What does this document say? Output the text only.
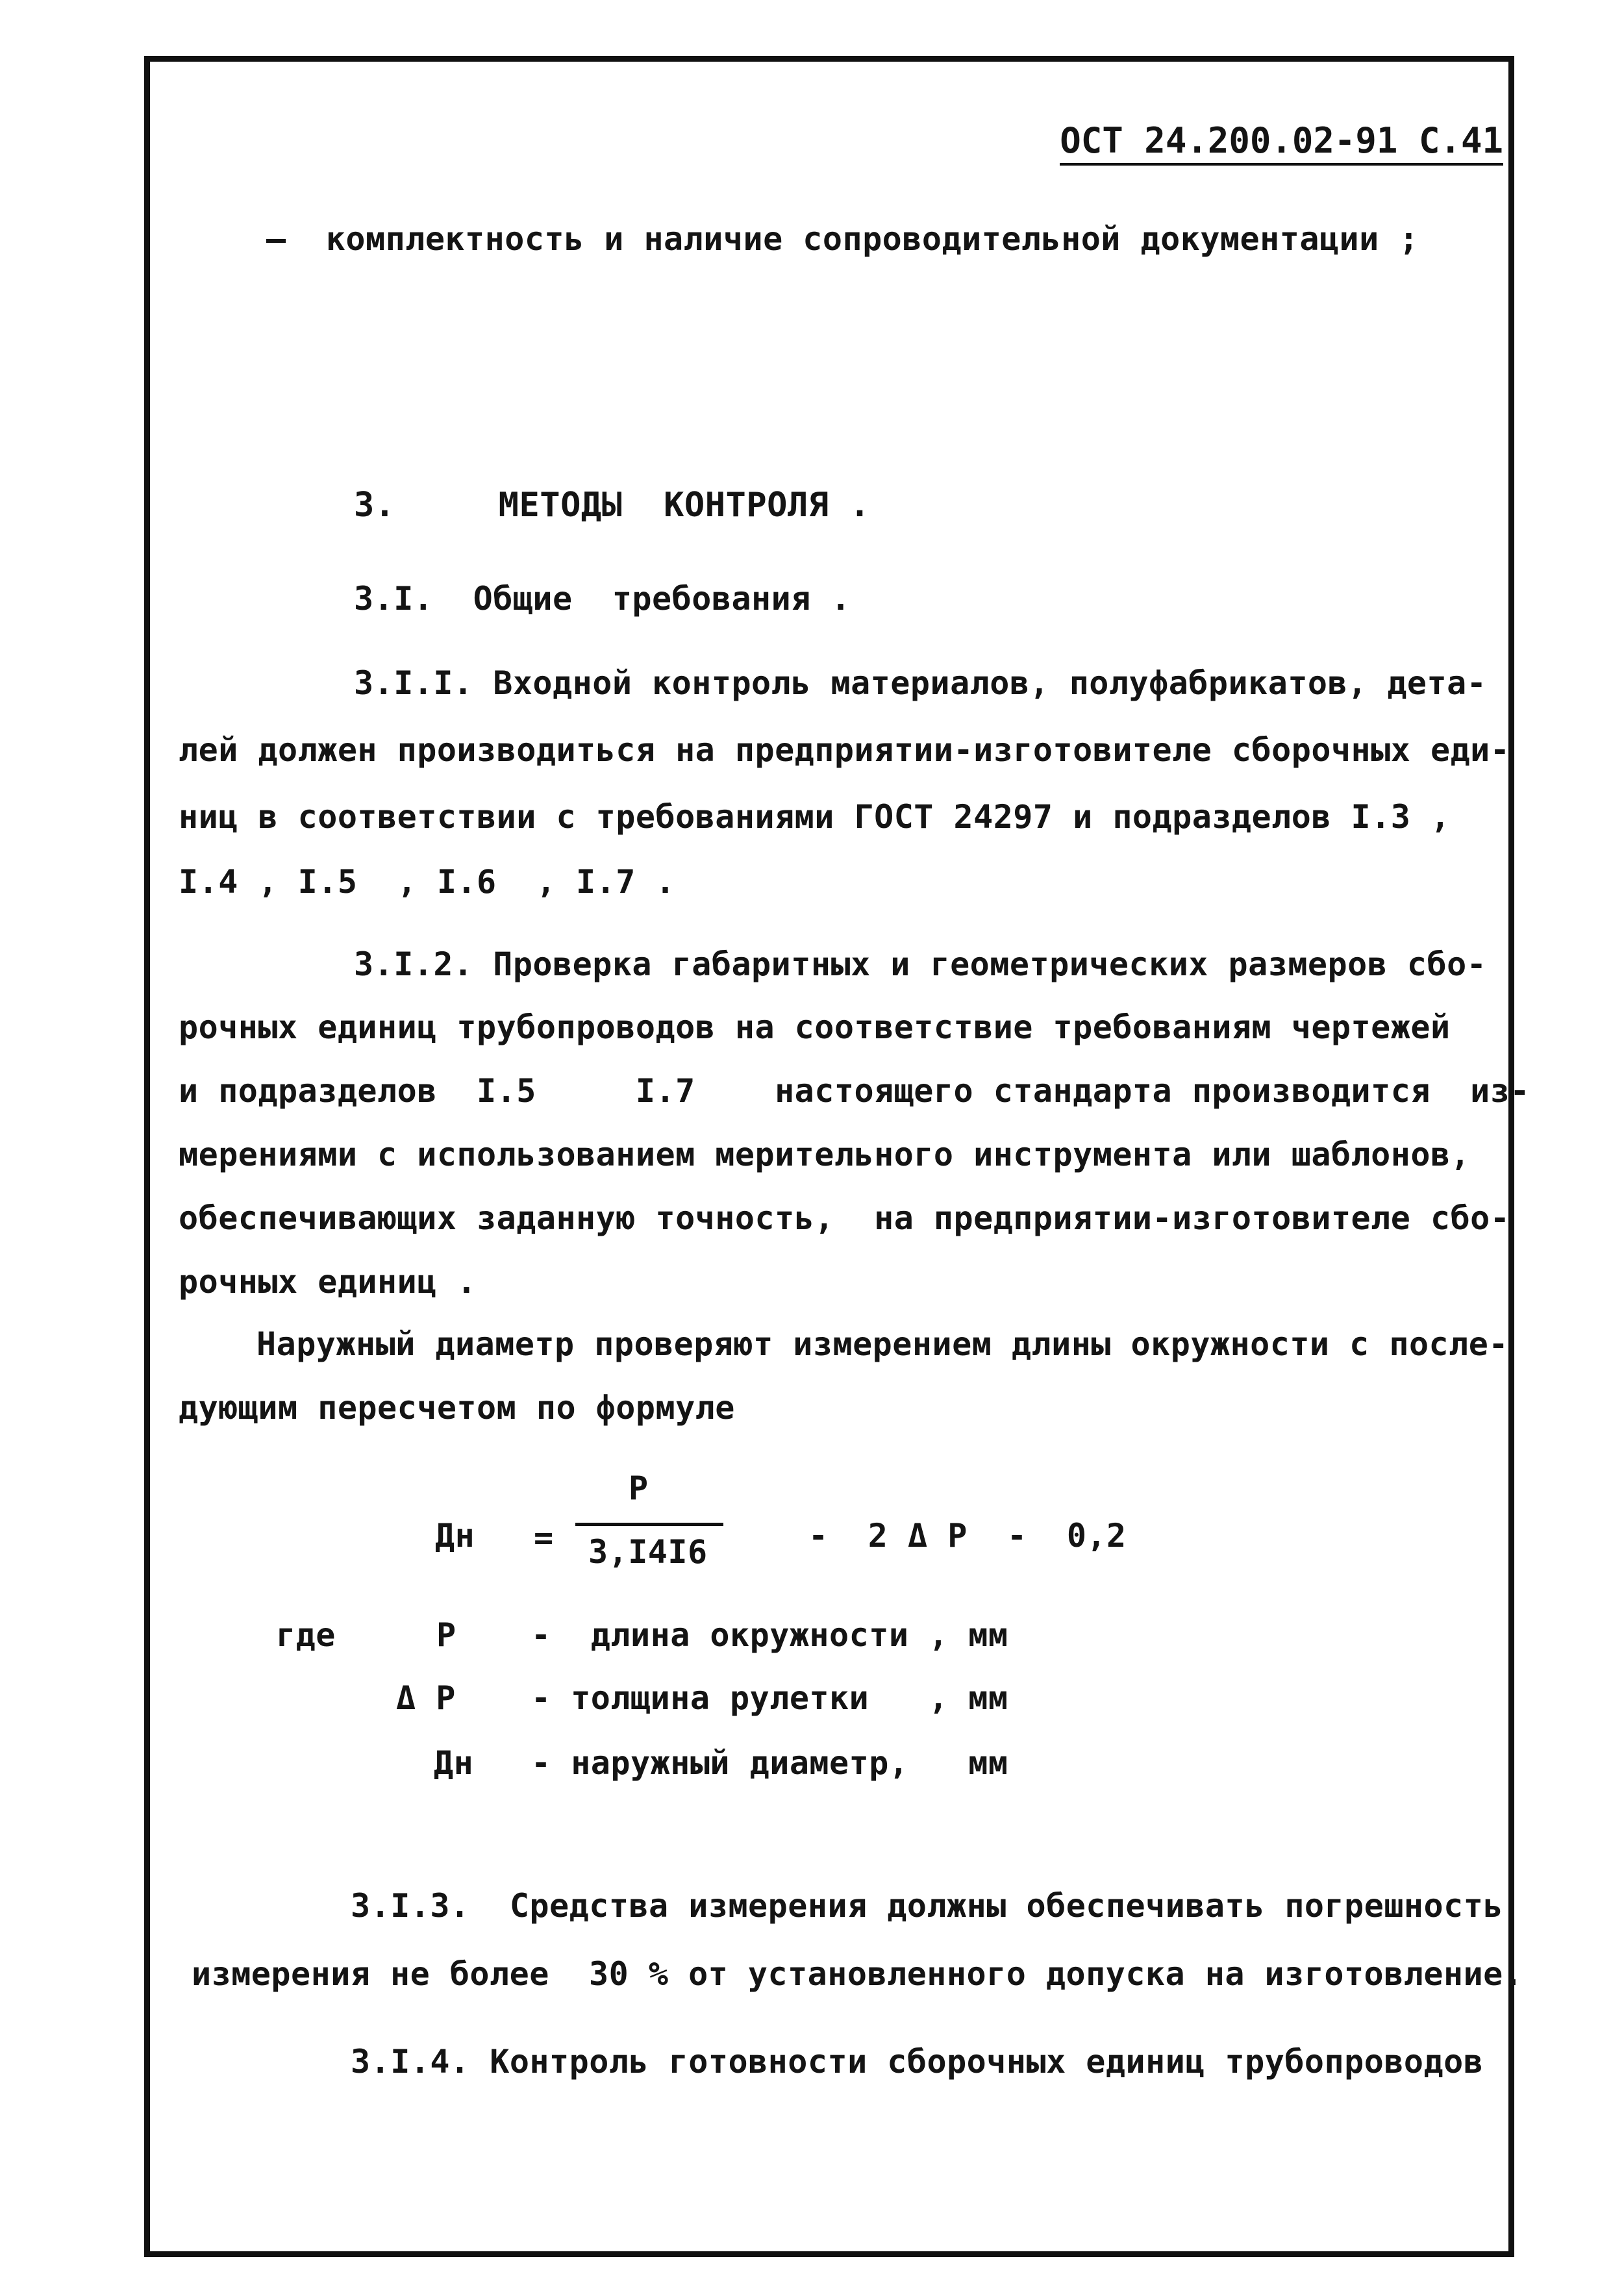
ОСТ 24.200.02-91 С.41
–  комплектность и наличие сопроводительной документации ;
3.     МЕТОДЫ  КОНТРОЛЯ .
3.I.  Общие  требования .
3.I.I. Входной контроль материалов, полуфабрикатов, дета-
лей должен производиться на предприятии-изготовителе сборочных еди-
ниц в соответствии с требованиями ГОСТ 24297 и подразделов I.3 ,
I.4 , I.5  , I.6  , I.7 .
3.I.2. Проверка габаритных и геометрических размеров сбо-
рочных единиц трубопроводов на соответствие требованиям чертежей
и подразделов  I.5     I.7    настоящего стандарта производится  из-
мерениями с использованием мерительного инструмента или шаблонов,
обеспечивающих заданную точность,  на предприятии-изготовителе сбо-
рочных единиц .
Наружный диаметр проверяют измерением длины окружности с после-
дующим пересчетом по формуле
P
Дн = 3,I4I6	-  2 Δ P  -  0,2
где	P -  длина окружности , мм
Δ P - толщина рулетки   , мм
Дн - наружный диаметр,   мм
3.I.3.  Средства измерения должны обеспечивать погрешность
измерения не более  30 % от установленного допуска на изготовление.
3.I.4. Контроль готовности сборочных единиц трубопроводов
